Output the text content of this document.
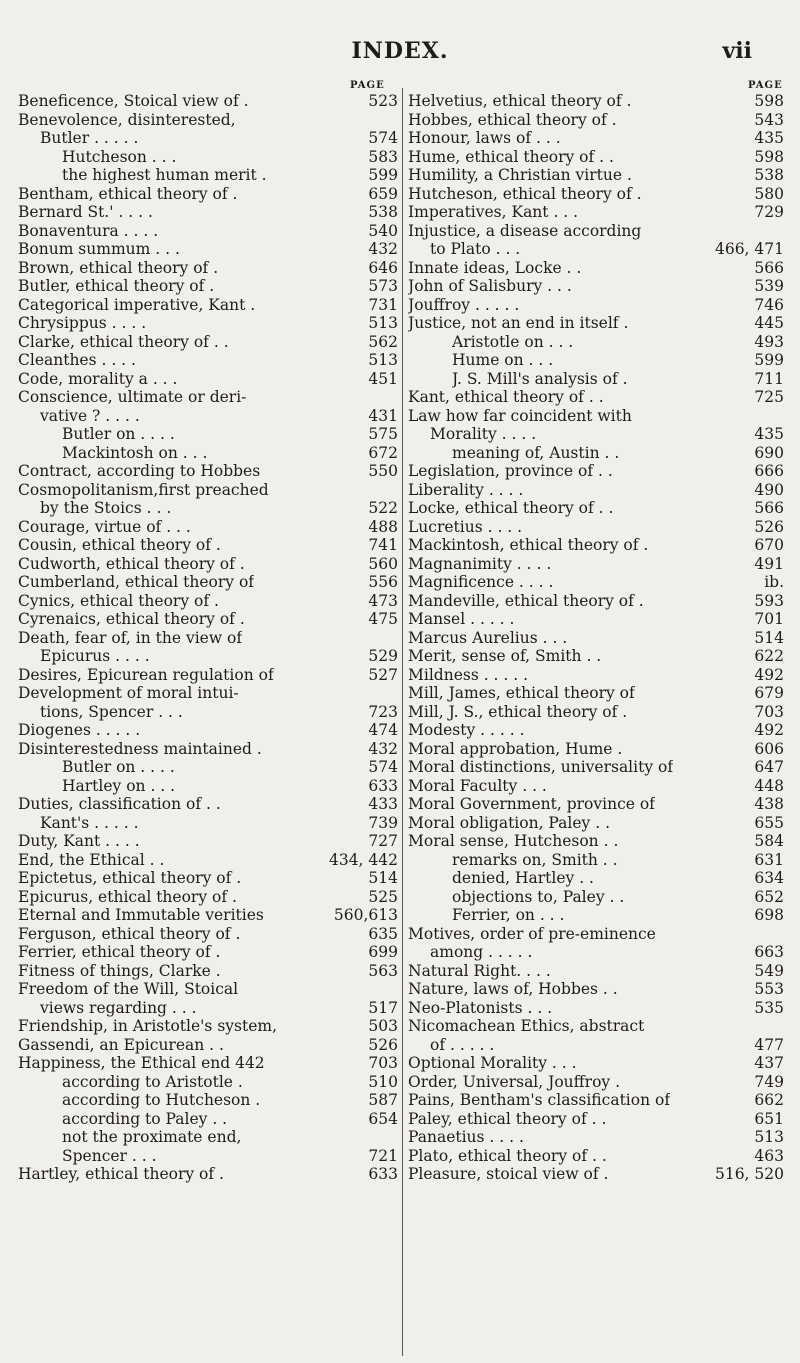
INDEX.	vii
PAGE	PAGE
Beneficence, Stoical view of .	523
Benevolence, disinterested,
Butler . . . . .	574
Hutcheson . . .	583
the highest human merit .	599
Bentham, ethical theory of .	659
Bernard St.' . . . .	538
Bonaventura . . . .	540
Bonum summum . . .	432
Brown, ethical theory of .	646
Butler, ethical theory of .	573
Categorical imperative, Kant .	731
Chrysippus . . . .	513
Clarke, ethical theory of . .	562
Cleanthes . . . .	513
Code, morality a . . .	451
Conscience, ultimate or deri-
vative ? . . . .	431
Butler on . . . .	575
Mackintosh on . . .	672
Contract, according to Hobbes	550
Cosmopolitanism,first preached
by the Stoics . . .	522
Courage, virtue of . . .	488
Cousin, ethical theory of .	741
Cudworth, ethical theory of .	560
Cumberland, ethical theory of	556
Cynics, ethical theory of .	473
Cyrenaics, ethical theory of .	475
Death, fear of, in the view of
Epicurus . . . .	529
Desires, Epicurean regulation of	527
Development of moral intui-
tions, Spencer . . .	723
Diogenes . . . . .	474
Disinterestedness maintained .	432
Butler on . . . .	574
Hartley on . . .	633
Duties, classification of . .	433
Kant's . . . . .	739
Duty, Kant . . . .	727
End, the Ethical . .	434, 442
Epictetus, ethical theory of .	514
Epicurus, ethical theory of .	525
Eternal and Immutable verities	560,613
Ferguson, ethical theory of .	635
Ferrier, ethical theory of .	699
Fitness of things, Clarke .	563
Freedom of the Will, Stoical
views regarding . . .	517
Friendship, in Aristotle's system,	503
Gassendi, an Epicurean . .	526
Happiness, the Ethical end 442	703
according to Aristotle .	510
according to Hutcheson .	587
according to Paley . .	654
not the proximate end,
Spencer . . .	721
Hartley, ethical theory of .	633
Helvetius, ethical theory of .	598
Hobbes, ethical theory of .	543
Honour, laws of . . .	435
Hume, ethical theory of . .	598
Humility, a Christian virtue .	538
Hutcheson, ethical theory of .	580
Imperatives, Kant . . .	729
Injustice, a disease according
to Plato . . .	466, 471
Innate ideas, Locke . .	566
John of Salisbury . . .	539
Jouffroy . . . . .	746
Justice, not an end in itself .	445
Aristotle on . . .	493
Hume on . . .	599
J. S. Mill's analysis of .	711
Kant, ethical theory of . .	725
Law how far coincident with
Morality . . . .	435
meaning of, Austin . .	690
Legislation, province of . .	666
Liberality . . . .	490
Locke, ethical theory of . .	566
Lucretius . . . .	526
Mackintosh, ethical theory of .	670
Magnanimity . . . .	491
Magnificence . . . .	ib.
Mandeville, ethical theory of .	593
Mansel . . . . .	701
Marcus Aurelius . . .	514
Merit, sense of, Smith . .	622
Mildness . . . . .	492
Mill, James, ethical theory of	679
Mill, J. S., ethical theory of .	703
Modesty . . . . .	492
Moral approbation, Hume .	606
Moral distinctions, universality of	647
Moral Faculty . . .	448
Moral Government, province of	438
Moral obligation, Paley . .	655
Moral sense, Hutcheson . .	584
remarks on, Smith . .	631
denied, Hartley . .	634
objections to, Paley . .	652
Ferrier, on . . .	698
Motives, order of pre-eminence
among . . . . .	663
Natural Right. . . .	549
Nature, laws of, Hobbes . .	553
Neo-Platonists . . .	535
Nicomachean Ethics, abstract
of . . . . .	477
Optional Morality . . .	437
Order, Universal, Jouffroy .	749
Pains, Bentham's classification of	662
Paley, ethical theory of . .	651
Panaetius . . . .	513
Plato, ethical theory of . .	463
Pleasure, stoical view of .	516, 520
